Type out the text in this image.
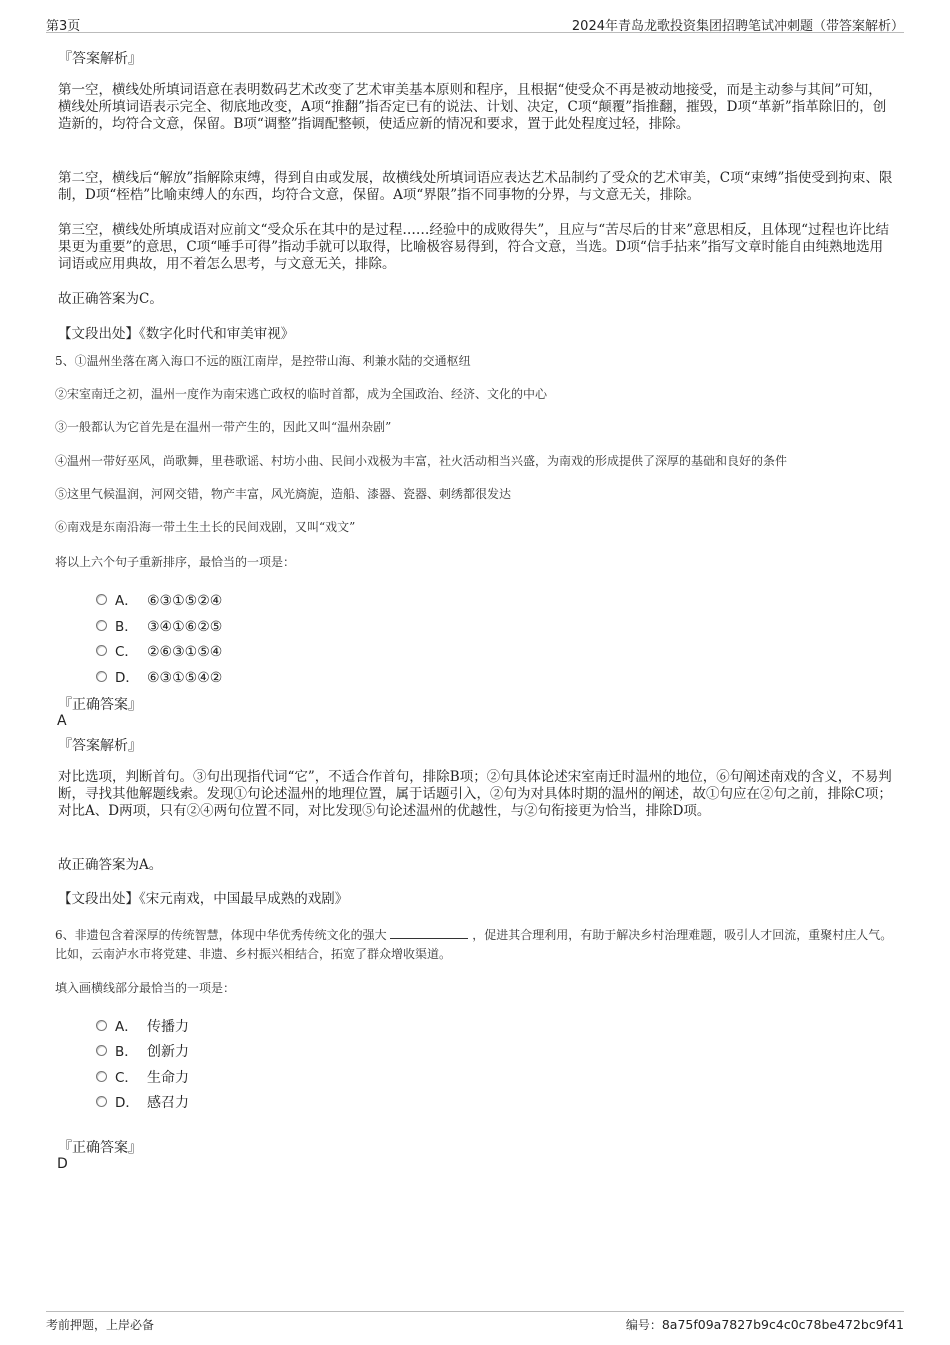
第3页	2024年青岛龙歌投资集团招聘笔试冲刺题（带答案解析）
『答案解析』
第一空，横线处所填词语意在表明数码艺术改变了艺术审美基本原则和程序，且根据“使受众不再是被动地接受，而是主动参与其间”可知，横线处所填词语表示完全、彻底地改变，A项“推翻”指否定已有的说法、计划、决定，C项“颠覆”指推翻，摧毁，D项“革新”指革除旧的，创造新的，均符合文意，保留。B项“调整”指调配整顿，使适应新的情况和要求，置于此处程度过轻，排除。
第二空，横线后“解放”指解除束缚，得到自由或发展，故横线处所填词语应表达艺术品制约了受众的艺术审美，C项“束缚”指使受到拘束、限制，D项“桎梏”比喻束缚人的东西，均符合文意，保留。A项“界限”指不同事物的分界，与文意无关，排除。
第三空，横线处所填成语对应前文“受众乐在其中的是过程……经验中的成败得失”，且应与“苦尽后的甘来”意思相反，且体现“过程也许比结果更为重要”的意思，C项“唾手可得”指动手就可以取得，比喻极容易得到，符合文意，当选。D项“信手拈来”指写文章时能自由纯熟地选用词语或应用典故，用不着怎么思考，与文意无关，排除。
故正确答案为C。
【文段出处】《数字化时代和审美审视》
5、①温州坐落在离入海口不远的瓯江南岸，是控带山海、利兼水陆的交通枢纽
②宋室南迁之初，温州一度作为南宋逃亡政权的临时首都，成为全国政治、经济、文化的中心
③一般都认为它首先是在温州一带产生的，因此又叫“温州杂剧”
④温州一带好巫风，尚歌舞，里巷歌谣、村坊小曲、民间小戏极为丰富，社火活动相当兴盛，为南戏的形成提供了深厚的基础和良好的条件
⑤这里气候温润，河网交错，物产丰富，风光旖旎，造船、漆器、瓷器、刺绣都很发达
⑥南戏是东南沿海一带土生土长的民间戏剧，又叫“戏文”
将以上六个句子重新排序，最恰当的一项是：
A． ⑥③①⑤②④
B． ③④①⑥②⑤
C． ②⑥③①⑤④
D． ⑥③①⑤④②
『正确答案』
A
『答案解析』
对比选项，判断首句。③句出现指代词“它”，不适合作首句，排除B项；②句具体论述宋室南迁时温州的地位，⑥句阐述南戏的含义，不易判断，寻找其他解题线索。发现①句论述温州的地理位置，属于话题引入，②句为对具体时期的温州的阐述，故①句应在②句之前，排除C项；对比A、D两项，只有②④两句位置不同，对比发现⑤句论述温州的优越性，与②句衔接更为恰当，排除D项。
故正确答案为A。
【文段出处】《宋元南戏，中国最早成熟的戏剧》
6、非遗包含着深厚的传统智慧，体现中华优秀传统文化的强大	，促进其合理利用，有助于解决乡村治理难题，吸引人才回流，重聚村庄人气。比如，云南泸水市将党建、非遗、乡村振兴相结合，拓宽了群众增收渠道。
填入画横线部分最恰当的一项是：
A． 传播力
B． 创新力
C． 生命力
D． 感召力
『正确答案』
D
考前押题，上岸必备	编号：8a75f09a7827b9c4c0c78be472bc9f41
